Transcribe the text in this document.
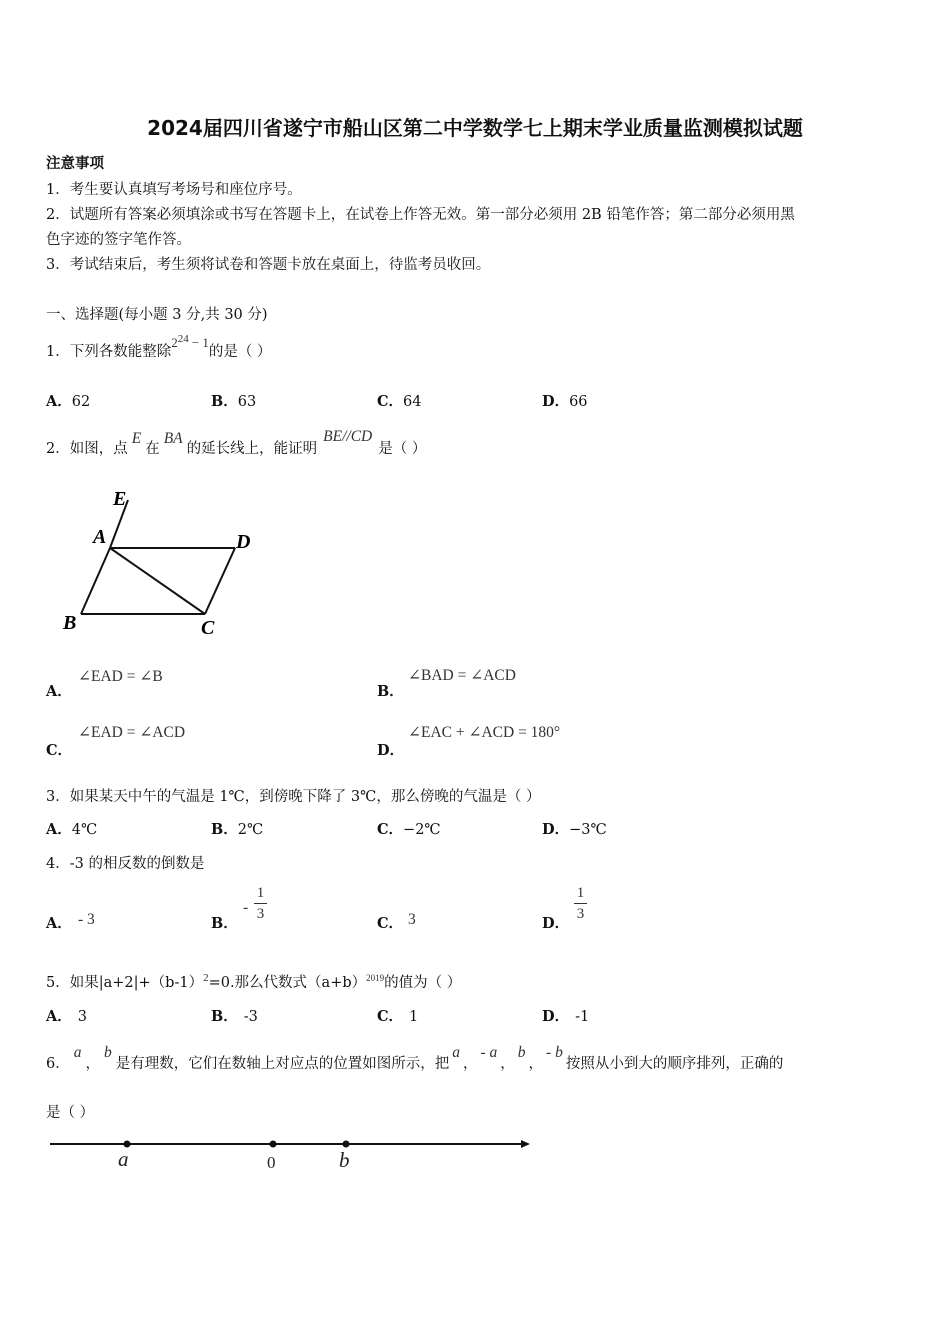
2024届四川省遂宁市船山区第二中学数学七上期末学业质量监测模拟试题
注意事项
1．考生要认真填写考场号和座位序号。
2．试题所有答案必须填涂或书写在答题卡上，在试卷上作答无效。第一部分必须用 2B 铅笔作答；第二部分必须用黑
色字迹的签字笔作答。
3．考试结束后，考生须将试卷和答题卡放在桌面上，待监考员收回。
一、选择题(每小题 3 分,共 30 分)
1．下列各数能整除$2^{24} - 1$的是（ ）
A．62	B．63	C．64	D．66
2．如图，点E在BA的延长线上，能证明BE//CD是（ ）
E
A	D
B	C
A．
∠EAD = ∠B
B．
∠BAD = ∠ACD
C．
∠EAD = ∠ACD
D．
∠EAC + ∠ACD = 180°
3．如果某天中午的气温是 1℃，到傍晚下降了 3℃，那么傍晚的气温是（ ）
A．4℃	B．2℃	C．−2℃	D．−3℃
4．-3 的相反数的倒数是
A． - 3	B．
-
1
3
C． 3	D．
1
3
5．如果$|a+2|+(b-1)^2=0$.那么代数式$(a+b)^{2019}$的值为（ ）
A． 3	B． -3	C． 1	D． -1
6．a，b是有理数，它们在数轴上对应点的位置如图所示，把a，- a，b，- b按照从小到大的顺序排列，正确的
是（ ）
a	0	b
